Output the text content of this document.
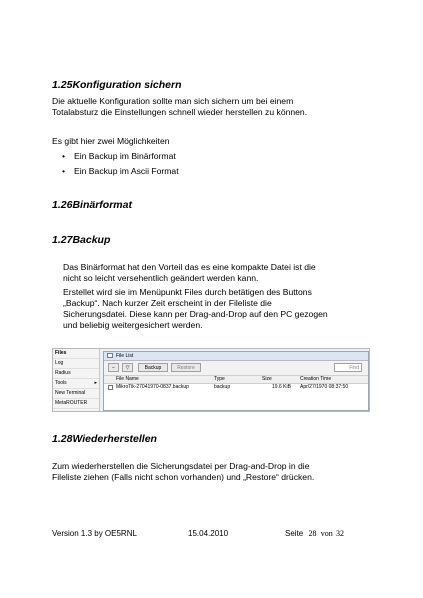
1.25Konfiguration sichern
Die aktuelle Konfiguration sollte man sich sichern um bei einem
Totalabsturz die Einstellungen schnell wieder herstellen zu können.
Es gibt hier zwei Möglichkeiten
• Ein Backup im Binärformat
• Ein Backup im Ascii Format
1.26Binärformat
1.27Backup
Das Binärformat hat den Vorteil das es eine kompakte Datei ist die
nicht so leicht versehentlich geändert werden kann.
Erstellet wird sie im Menüpunkt Files durch betätigen des Buttons
„Backup“. Nach kurzer Zeit erscheint in der Fileliste die
Sicherungsdatei. Diese kann per Drag-and-Drop auf den PC gezogen
und beliebig weitergesichert werden.
Files
Log
Radius
Tools	▸
New Terminal
MetaROUTER
File List
−	▽	Backup	Restore	Find
File Name	Type	Size	Creation Time
MikroTik-27041970-0837.backup	backup	19.6 KiB Apr/27/1970 08:37:50
1.28Wiederherstellen
Zum wiederherstellen die Sicherungsdatei per Drag-and-Drop in die
Fileliste ziehen (Falls nicht schon vorhanden) und „Restore“ drücken.
Version 1.3 by OE5RNL	15.04.2010	Seite 28 von 32
